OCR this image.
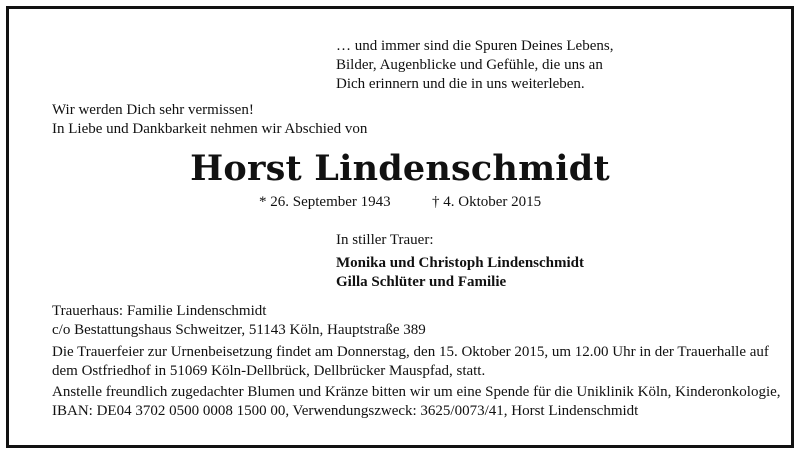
… und immer sind die Spuren Deines Lebens,
Bilder, Augenblicke und Gefühle, die uns an
Dich erinnern und die in uns weiterleben.
Wir werden Dich sehr vermissen!
In Liebe und Dankbarkeit nehmen wir Abschied von
Horst Lindenschmidt
* 26. September 1943	† 4. Oktober 2015
In stiller Trauer:
Monika und Christoph Lindenschmidt
Gilla Schlüter und Familie
Trauerhaus: Familie Lindenschmidt
c/o Bestattungshaus Schweitzer, 51143 Köln, Hauptstraße 389
Die Trauerfeier zur Urnenbeisetzung findet am Donnerstag, den 15. Oktober 2015, um 12.00 Uhr in der Trauerhalle auf
dem Ostfriedhof in 51069 Köln-Dellbrück, Dellbrücker Mauspfad, statt.
Anstelle freundlich zugedachter Blumen und Kränze bitten wir um eine Spende für die Uniklinik Köln, Kinderonkologie,
IBAN: DE04 3702 0500 0008 1500 00, Verwendungszweck: 3625/0073/41, Horst Lindenschmidt
